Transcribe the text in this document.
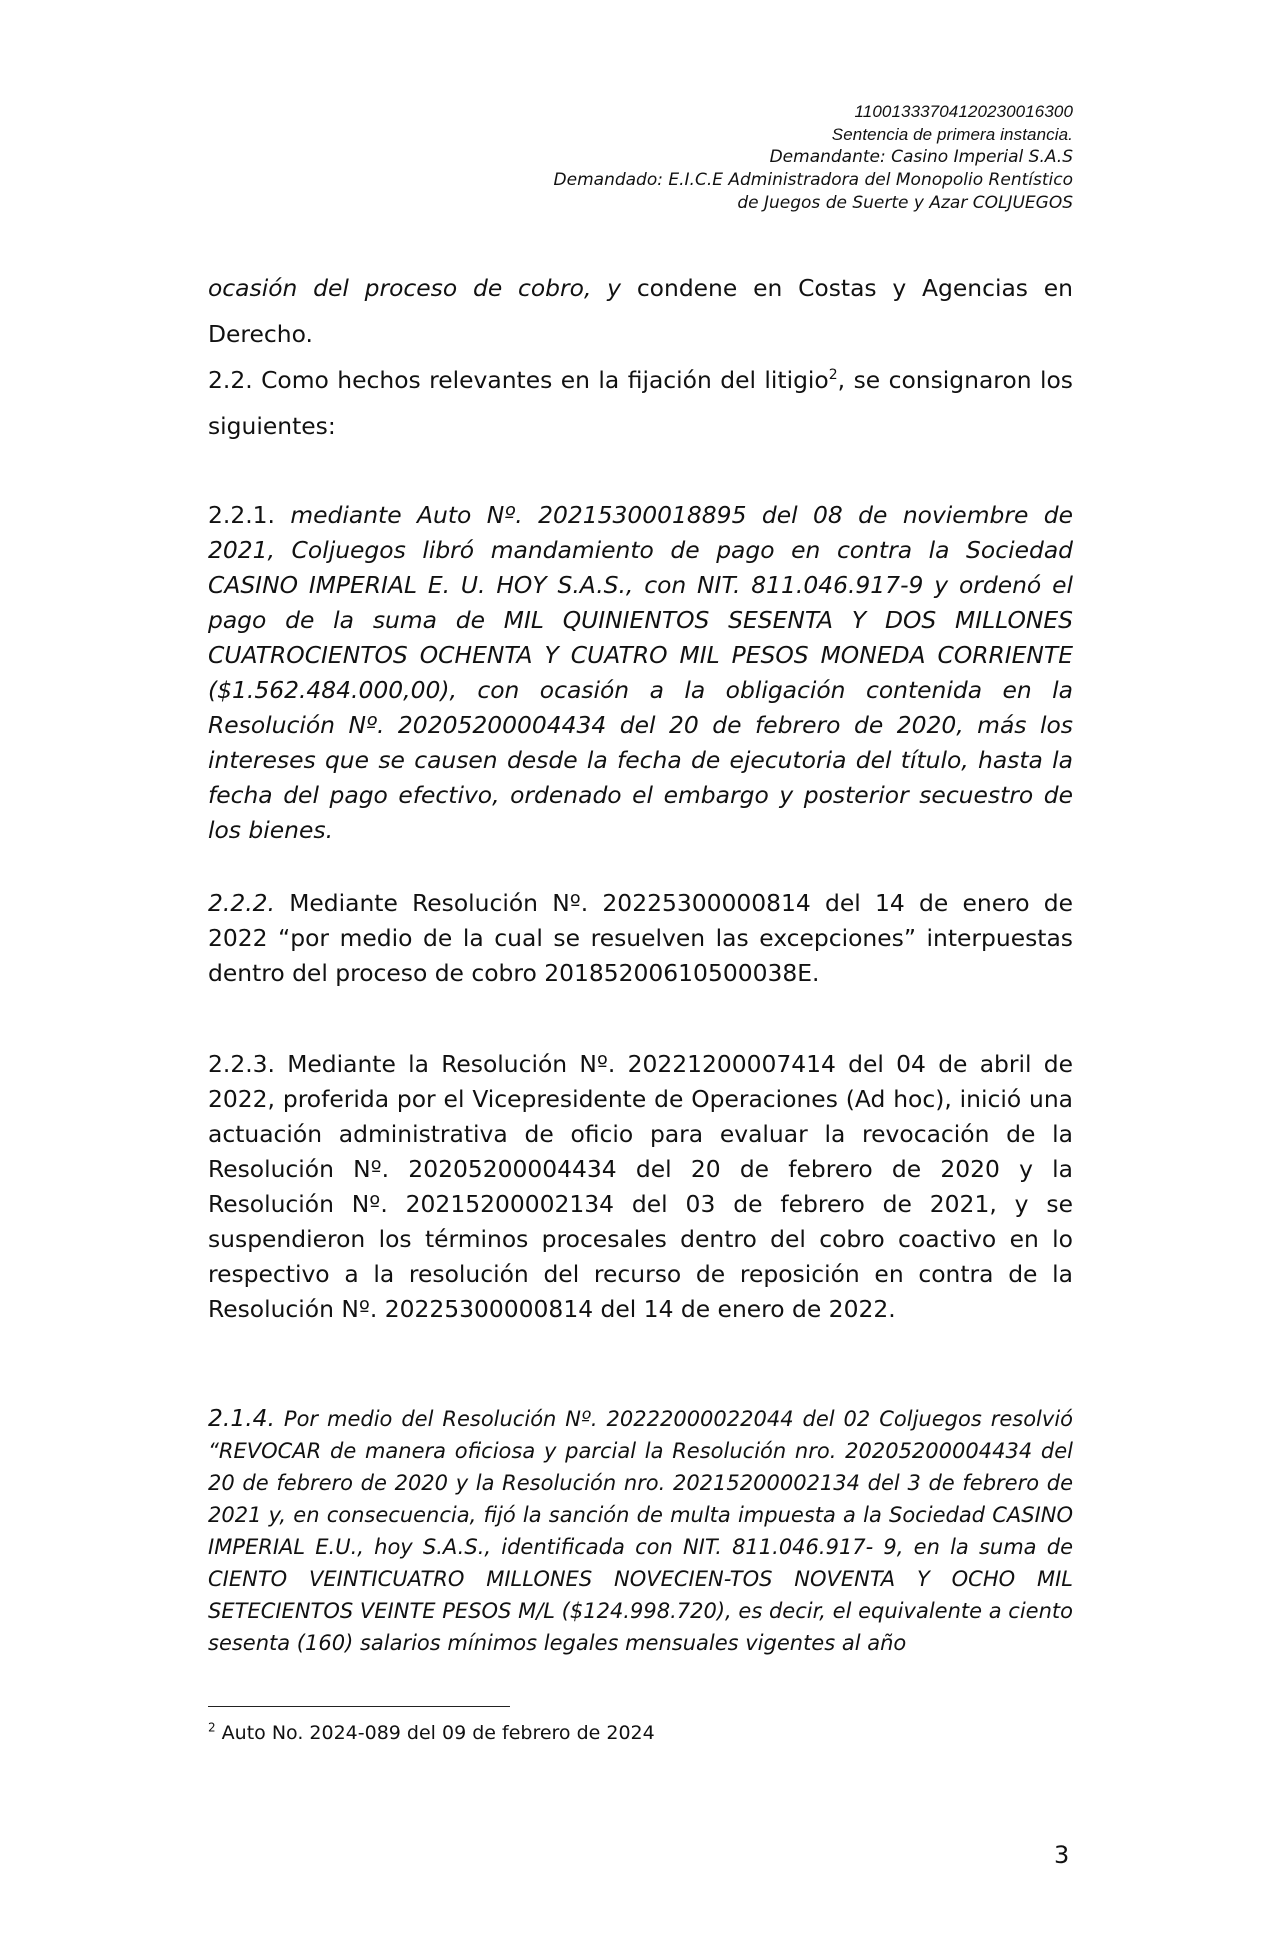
11001333704120230016300
Sentencia de primera instancia.
Demandante: Casino Imperial S.A.S
Demandado: E.I.C.E Administradora del Monopolio Rentístico
de Juegos de Suerte y Azar COLJUEGOS

ocasión del proceso de cobro, y condene en Costas y Agencias en Derecho.

2.2. Como hechos relevantes en la fijación del litigio$^2$, se consignaron los siguientes:

2.2.1. mediante Auto Nº. 20215300018895 del 08 de noviembre de 2021, Coljuegos libró mandamiento de pago en contra la Sociedad CASINO IMPERIAL E. U. HOY S.A.S., con NIT. 811.046.917-9 y ordenó el pago de la suma de MIL QUINIENTOS SESENTA Y DOS MILLONES CUATROCIENTOS OCHENTA Y CUATRO MIL PESOS MONEDA CORRIENTE ($1.562.484.000,00), con ocasión a la obligación contenida en la Resolución Nº. 20205200004434 del 20 de febrero de 2020, más los intereses que se causen desde la fecha de ejecutoria del título, hasta la fecha del pago efectivo, ordenado el embargo y posterior secuestro de los bienes.

2.2.2. Mediante Resolución Nº. 20225300000814 del 14 de enero de 2022 “por medio de la cual se resuelven las excepciones” interpuestas dentro del proceso de cobro 20185200610500038E.

2.2.3. Mediante la Resolución Nº. 20221200007414 del 04 de abril de 2022, proferida por el Vicepresidente de Operaciones (Ad hoc), inició una actuación administrativa de oficio para evaluar la revocación de la Resolución Nº. 20205200004434 del 20 de febrero de 2020 y la Resolución Nº. 20215200002134 del 03 de febrero de 2021, y se suspendieron los términos procesales dentro del cobro coactivo en lo respectivo a la resolución del recurso de reposición en contra de la Resolución Nº. 20225300000814 del 14 de enero de 2022.

2.1.4. Por medio del Resolución Nº. 20222000022044 del 02 Coljuegos resolvió “REVOCAR de manera oficiosa y parcial la Resolución nro. 20205200004434 del 20 de febrero de 2020 y la Resolución nro. 20215200002134 del 3 de febrero de 2021 y, en consecuencia, fijó la sanción de multa impuesta a la Sociedad CASINO IMPERIAL E.U., hoy S.A.S., identificada con NIT. 811.046.917- 9, en la suma de CIENTO VEINTICUATRO MILLONES NOVECIEN-TOS NOVENTA Y OCHO MIL SETECIENTOS VEINTE PESOS M/L ($124.998.720), es decir, el equivalente a ciento sesenta (160) salarios mínimos legales mensuales vigentes al año

$^2$ Auto No. 2024-089 del 09 de febrero de 2024
3
